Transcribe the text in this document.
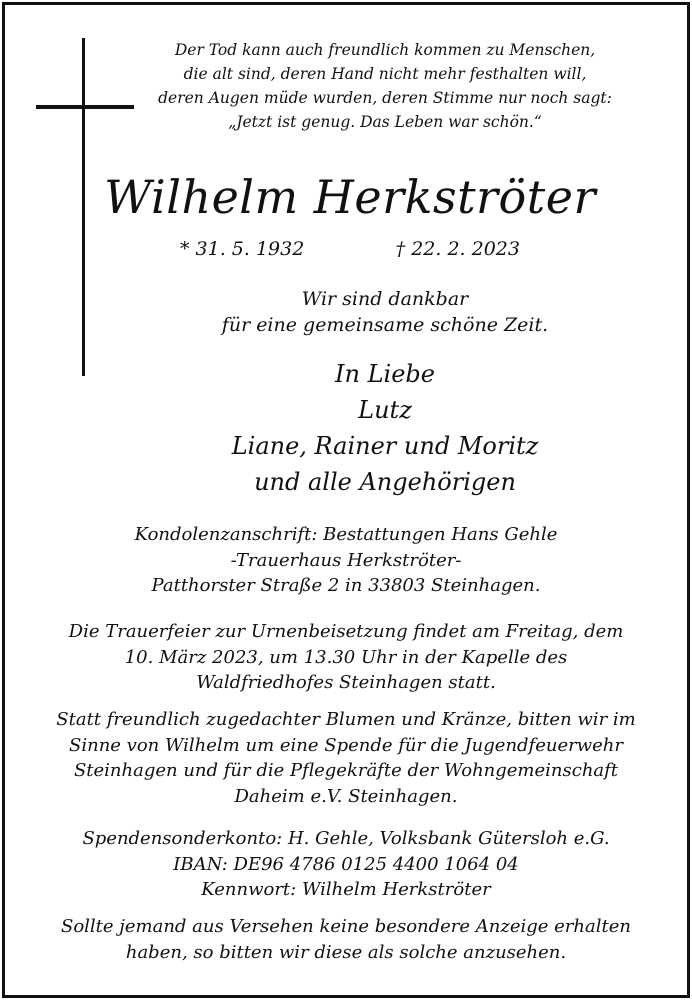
Der Tod kann auch freundlich kommen zu Menschen,
die alt sind, deren Hand nicht mehr festhalten will,
deren Augen müde wurden, deren Stimme nur noch sagt:
„Jetzt ist genug. Das Leben war schön.“
Wilhelm Herkströter
* 31. 5. 1932	† 22. 2. 2023
Wir sind dankbar
für eine gemeinsame schöne Zeit.
In Liebe
Lutz
Liane, Rainer und Moritz
und alle Angehörigen
Kondolenzanschrift: Bestattungen Hans Gehle
-Trauerhaus Herkströter-
Patthorster Straße 2 in 33803 Steinhagen.
Die Trauerfeier zur Urnenbeisetzung findet am Freitag, dem
10. März 2023, um 13.30 Uhr in der Kapelle des
Waldfriedhofes Steinhagen statt.
Statt freundlich zugedachter Blumen und Kränze, bitten wir im
Sinne von Wilhelm um eine Spende für die Jugendfeuerwehr
Steinhagen und für die Pflegekräfte der Wohngemeinschaft
Daheim e.V. Steinhagen.
Spendensonderkonto: H. Gehle, Volksbank Gütersloh e.G.
IBAN: DE96 4786 0125 4400 1064 04
Kennwort: Wilhelm Herkströter
Sollte jemand aus Versehen keine besondere Anzeige erhalten
haben, so bitten wir diese als solche anzusehen.
